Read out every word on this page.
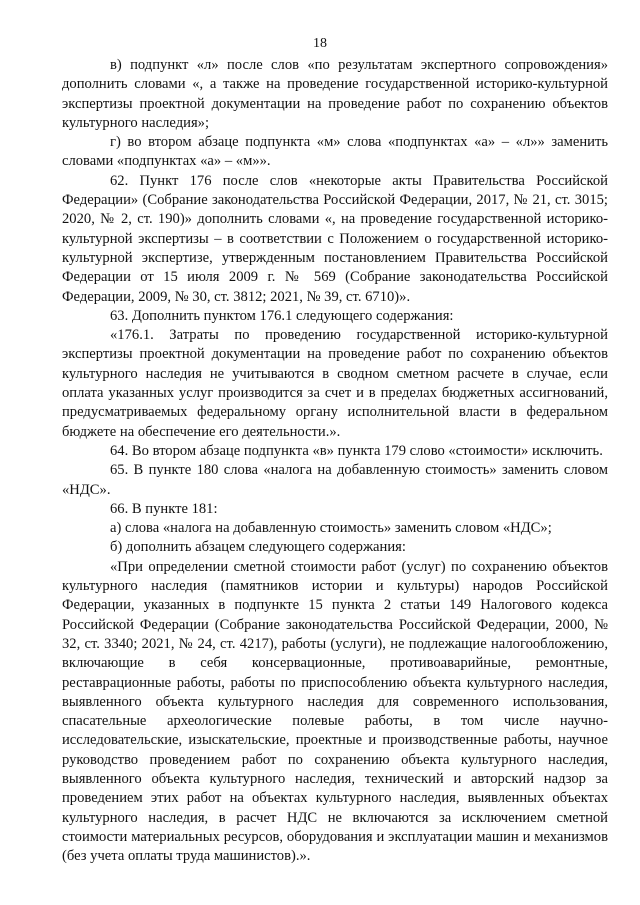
18

в) подпункт «л» после слов «по результатам экспертного сопровождения» дополнить словами «, а также на проведение государственной историко-культурной экспертизы проектной документации на проведение работ по сохранению объектов культурного наследия»;

г) во втором абзаце подпункта «м» слова «подпунктах «а» – «л»» заменить словами «подпунктах «а» – «м»».

62. Пункт 176 после слов «некоторые акты Правительства Российской Федерации» (Собрание законодательства Российской Федерации, 2017, № 21, ст. 3015; 2020, № 2, ст. 190)» дополнить словами «, на проведение государственной историко-культурной экспертизы – в соответствии с Положением о государственной историко-культурной экспертизе, утвержденным постановлением Правительства Российской Федерации от 15 июля 2009 г. № 569 (Собрание законодательства Российской Федерации, 2009, № 30, ст. 3812; 2021, № 39, ст. 6710)».

63. Дополнить пунктом 176.1 следующего содержания:

«176.1. Затраты по проведению государственной историко-культурной экспертизы проектной документации на проведение работ по сохранению объектов культурного наследия не учитываются в сводном сметном расчете в случае, если оплата указанных услуг производится за счет и в пределах бюджетных ассигнований, предусматриваемых федеральному органу исполнительной власти в федеральном бюджете на обеспечение его деятельности.».

64. Во втором абзаце подпункта «в» пункта 179 слово «стоимости» исключить.

65. В пункте 180 слова «налога на добавленную стоимость» заменить словом «НДС».

66. В пункте 181:

а) слова «налога на добавленную стоимость» заменить словом «НДС»;

б) дополнить абзацем следующего содержания:

«При определении сметной стоимости работ (услуг) по сохранению объектов культурного наследия (памятников истории и культуры) народов Российской Федерации, указанных в подпункте 15 пункта 2 статьи 149 Налогового кодекса Российской Федерации (Собрание законодательства Российской Федерации, 2000, № 32, ст. 3340; 2021, № 24, ст. 4217), работы (услуги), не подлежащие налогообложению, включающие в себя консервационные, противоаварийные, ремонтные, реставрационные работы, работы по приспособлению объекта культурного наследия, выявленного объекта культурного наследия для современного использования, спасательные археологические полевые работы, в том числе научно-исследовательские, изыскательские, проектные и производственные работы, научное руководство проведением работ по сохранению объекта культурного наследия, выявленного объекта культурного наследия, технический и авторский надзор за проведением этих работ на объектах культурного наследия, выявленных объектах культурного наследия, в расчет НДС не включаются за исключением сметной стоимости материальных ресурсов, оборудования и эксплуатации машин и механизмов (без учета оплаты труда машинистов).».
